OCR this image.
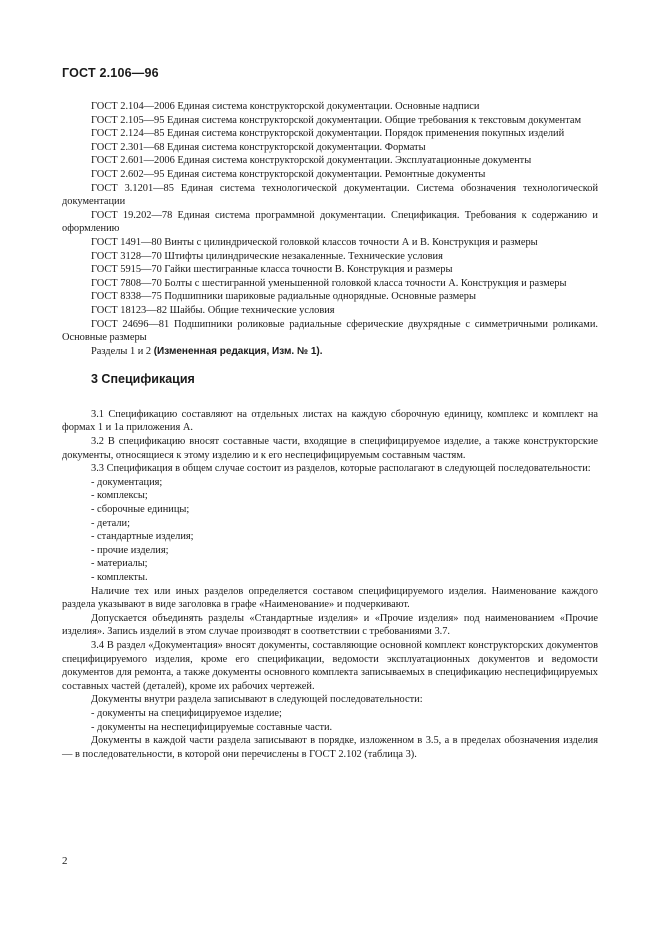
ГОСТ 2.106—96

ГОСТ 2.104—2006 Единая система конструкторской документации. Основные надписи

ГОСТ 2.105—95 Единая система конструкторской документации. Общие требования к текстовым документам

ГОСТ 2.124—85 Единая система конструкторской документации. Порядок применения покупных изделий

ГОСТ 2.301—68 Единая система конструкторской документации. Форматы

ГОСТ 2.601—2006 Единая система конструкторской документации. Эксплуатационные документы

ГОСТ 2.602—95 Единая система конструкторской документации. Ремонтные документы

ГОСТ 3.1201—85 Единая система технологической документации. Система обозначения технологической документации

ГОСТ 19.202—78 Единая система программной документации. Спецификация. Требования к содержанию и оформлению

ГОСТ 1491—80 Винты с цилиндрической головкой классов точности А и В. Конструкция и размеры

ГОСТ 3128—70 Штифты цилиндрические незакаленные. Технические условия

ГОСТ 5915—70 Гайки шестигранные класса точности В. Конструкция и размеры

ГОСТ 7808—70 Болты с шестигранной уменьшенной головкой класса точности А. Конструкция и размеры

ГОСТ 8338—75 Подшипники шариковые радиальные однорядные. Основные размеры

ГОСТ 18123—82 Шайбы. Общие технические условия

ГОСТ 24696—81 Подшипники роликовые радиальные сферические двухрядные с симметричными роликами. Основные размеры

Разделы 1 и 2 (Измененная редакция, Изм. № 1).

3 Спецификация

3.1 Спецификацию составляют на отдельных листах на каждую сборочную единицу, комплекс и комплект на формах 1 и 1а приложения А.

3.2 В спецификацию вносят составные части, входящие в специфицируемое изделие, а также конструкторские документы, относящиеся к этому изделию и к его неспецифицируемым составным частям.

3.3 Спецификация в общем случае состоит из разделов, которые располагают в следующей последовательности:

- документация;

- комплексы;

- сборочные единицы;

- детали;

- стандартные изделия;

- прочие изделия;

- материалы;

- комплекты.

Наличие тех или иных разделов определяется составом специфицируемого изделия. Наименование каждого раздела указывают в виде заголовка в графе «Наименование» и подчеркивают.

Допускается объединять разделы «Стандартные изделия» и «Прочие изделия» под наименованием «Прочие изделия». Запись изделий в этом случае производят в соответствии с требованиями 3.7.

3.4 В раздел «Документация» вносят документы, составляющие основной комплект конструкторских документов специфицируемого изделия, кроме его спецификации, ведомости эксплуатационных документов и ведомости документов для ремонта, а также документы основного комплекта записываемых в спецификацию неспецифицируемых составных частей (деталей), кроме их рабочих чертежей.

Документы внутри раздела записывают в следующей последовательности:

- документы на специфицируемое изделие;

- документы на неспецифицируемые составные части.

Документы в каждой части раздела записывают в порядке, изложенном в 3.5, а в пределах обозначения изделия — в последовательности, в которой они перечислены в ГОСТ 2.102 (таблица 3).

2
